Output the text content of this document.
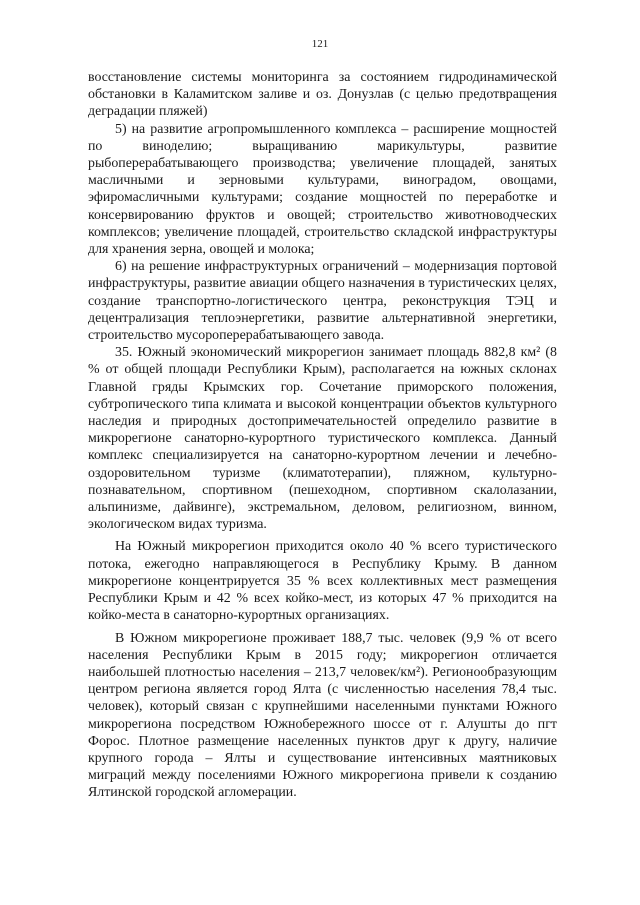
121

восстановление системы мониторинга за состоянием гидродинамической обстановки в Каламитском заливе и оз. Донузлав (с целью предотвращения деградации пляжей)

5) на развитие агропромышленного комплекса – расширение мощностей по виноделию; выращиванию марикультуры, развитие рыбоперерабатывающего производства; увеличение площадей, занятых масличными и зерновыми культурами, виноградом, овощами, эфиромасличными культурами; создание мощностей по переработке и консервированию фруктов и овощей; строительство животноводческих комплексов; увеличение площадей, строительство складской инфраструктуры для хранения зерна, овощей и молока;

6) на решение инфраструктурных ограничений – модернизация портовой инфраструктуры, развитие авиации общего назначения в туристических целях, создание транспортно-логистического центра, реконструкция ТЭЦ и децентрализация теплоэнергетики, развитие альтернативной энергетики, строительство мусороперерабатывающего завода.

35. Южный экономический микрорегион занимает площадь 882,8 км² (8 % от общей площади Республики Крым), располагается на южных склонах Главной гряды Крымских гор. Сочетание приморского положения, субтропического типа климата и высокой концентрации объектов культурного наследия и природных достопримечательностей определило развитие в микрорегионе санаторно-курортного туристического комплекса. Данный комплекс специализируется на санаторно-курортном лечении и лечебно-оздоровительном туризме (климатотерапии), пляжном, культурно-познавательном, спортивном (пешеходном, спортивном скалолазании, альпинизме, дайвинге), экстремальном, деловом, религиозном, винном, экологическом видах туризма.

На Южный микрорегион приходится около 40 % всего туристического потока, ежегодно направляющегося в Республику Крыму. В данном микрорегионе концентрируется 35 % всех коллективных мест размещения Республики Крым и 42 % всех койко-мест, из которых 47 % приходится на койко-места в санаторно-курортных организациях.

В Южном микрорегионе проживает 188,7 тыс. человек (9,9 % от всего населения Республики Крым в 2015 году; микрорегион отличается наибольшей плотностью населения – 213,7 человек/км²). Регионообразующим центром региона является город Ялта (с численностью населения 78,4 тыс. человек), который связан с крупнейшими населенными пунктами Южного микрорегиона посредством Южнобережного шоссе от г. Алушты до пгт Форос. Плотное размещение населенных пунктов друг к другу, наличие крупного города – Ялты и существование интенсивных маятниковых миграций между поселениями Южного микрорегиона привели к созданию Ялтинской городской агломерации.
